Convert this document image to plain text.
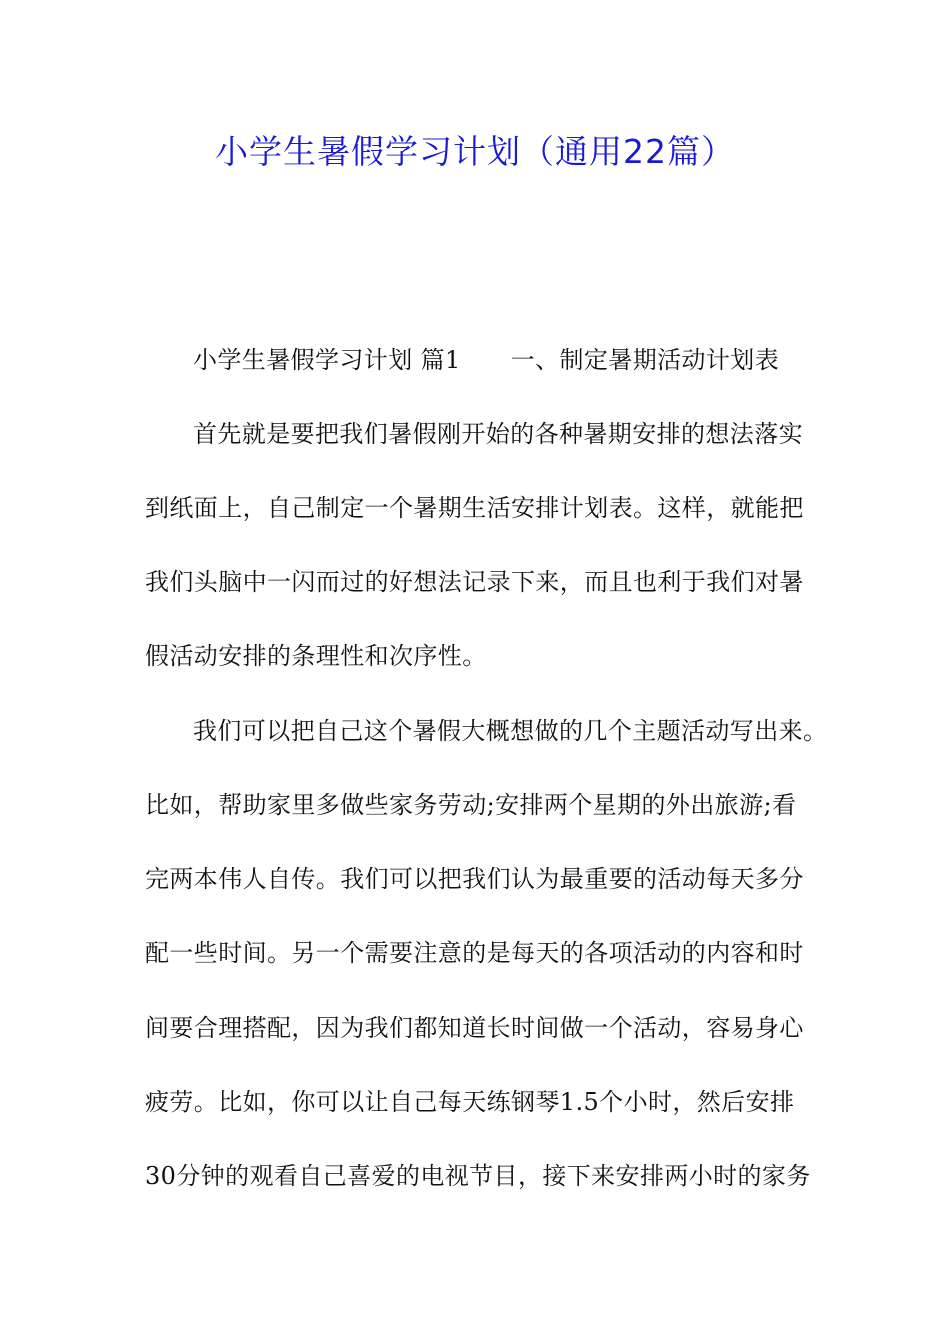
小学生暑假学习计划（通用22篇）
小学生暑假学习计划 篇1 一、制定暑期活动计划表
首先就是要把我们暑假刚开始的各种暑期安排的想法落实
到纸面上，自己制定一个暑期生活安排计划表。这样，就能把
我们头脑中一闪而过的好想法记录下来，而且也利于我们对暑
假活动安排的条理性和次序性。
我们可以把自己这个暑假大概想做的几个主题活动写出来。
比如，帮助家里多做些家务劳动;安排两个星期的外出旅游;看
完两本伟人自传。我们可以把我们认为最重要的活动每天多分
配一些时间。另一个需要注意的是每天的各项活动的内容和时
间要合理搭配，因为我们都知道长时间做一个活动，容易身心
疲劳。比如，你可以让自己每天练钢琴1.5个小时，然后安排
30分钟的观看自己喜爱的电视节目，接下来安排两小时的家务
